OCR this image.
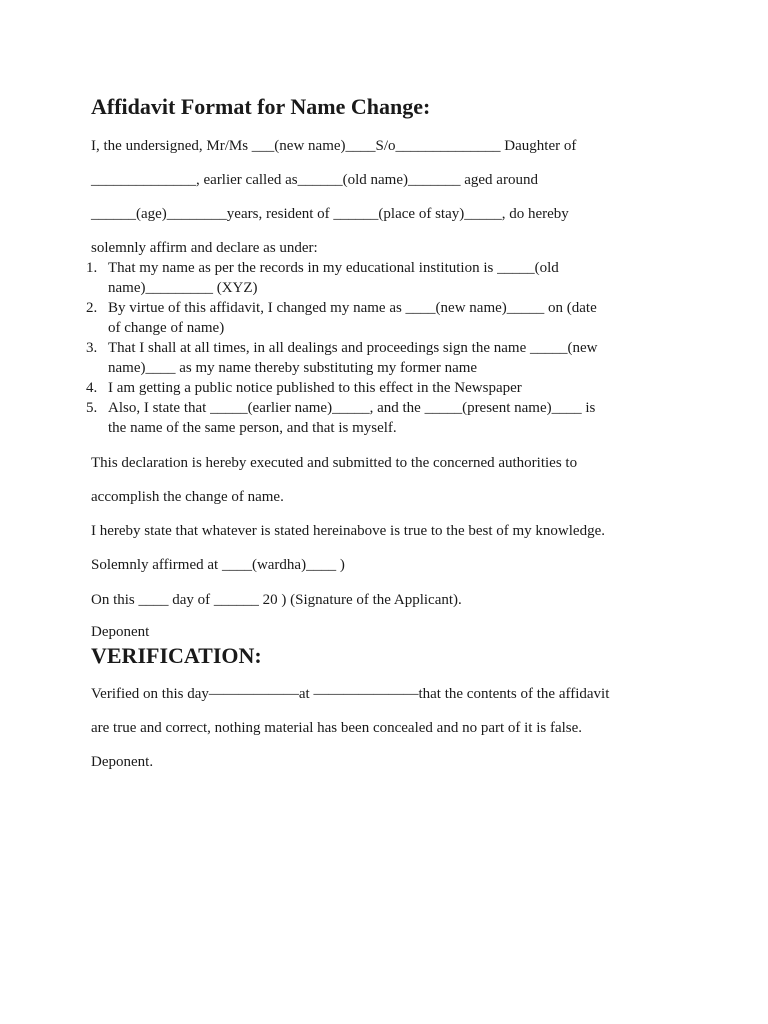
Affidavit Format for Name Change:
I, the undersigned, Mr/Ms ___(new name)____S/o______________ Daughter of
______________, earlier called as______(old name)_______ aged around
______(age)________years, resident of ______(place of stay)_____, do hereby
solemnly affirm and declare as under:
1. That my name as per the records in my educational institution is _____(old
name)_________ (XYZ)
2. By virtue of this affidavit, I changed my name as ____(new name)_____ on (date
of change of name)
3. That I shall at all times, in all dealings and proceedings sign the name _____(new
name)____ as my name thereby substituting my former name
4. I am getting a public notice published to this effect in the Newspaper
5. Also, I state that _____(earlier name)_____, and the _____(present name)____ is
the name of the same person, and that is myself.
This declaration is hereby executed and submitted to the concerned authorities to
accomplish the change of name.
I hereby state that whatever is stated hereinabove is true to the best of my knowledge.
Solemnly affirmed at ____(wardha)____ )
On this ____ day of ______ 20 ) (Signature of the Applicant).
Deponent
VERIFICATION:
Verified on this day——————at ———————that the contents of the affidavit
are true and correct, nothing material has been concealed and no part of it is false.
Deponent.
